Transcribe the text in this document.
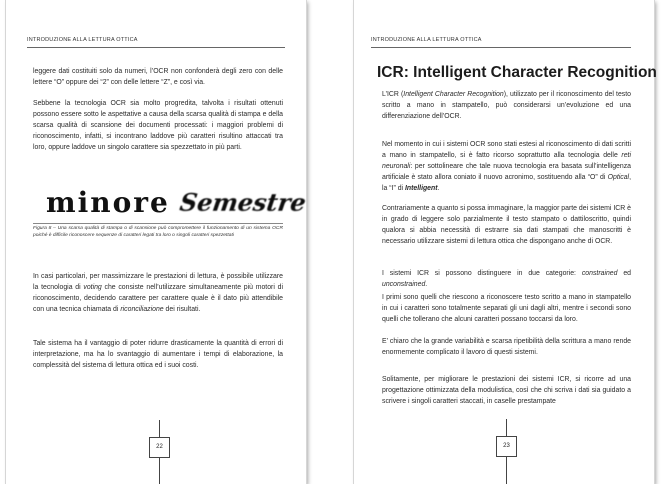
INTRODUZIONE ALLA LETTURA OTTICA

leggere dati costituiti solo da numeri, l’OCR non confonderà degli zero con delle lettere “O” oppure dei “2” con delle lettere “Z”, e così via.

Sebbene la tecnologia OCR sia molto progredita, talvolta i risultati ottenuti possono essere sotto le aspettative a causa della scarsa qualità di stampa e della scarsa qualità di scansione dei documenti processati: i maggiori problemi di riconoscimento, infatti, si incontrano laddove più caratteri risultino attaccati tra loro, oppure laddove un singolo carattere sia spezzettato in più parti.

minore Semestre
Figura 8 – Una scarsa qualità di stampa o di scansione può compromettere il funzionamento di un sistema OCR poiché è difficile riconoscere sequenze di caratteri legati tra loro o singoli caratteri spezzettati

In casi particolari, per massimizzare le prestazioni di lettura, è possibile utilizzare la tecnologia di voting che consiste nell’utilizzare simultaneamente più motori di riconoscimento, decidendo carattere per carattere quale è il dato più attendibile con una tecnica chiamata di riconciliazione dei risultati.

Tale sistema ha il vantaggio di poter ridurre drasticamente la quantità di errori di interpretazione, ma ha lo svantaggio di aumentare i tempi di elaborazione, la complessità del sistema di lettura ottica ed i suoi costi.

22
INTRODUZIONE ALLA LETTURA OTTICA
ICR: Intelligent Character Recognition

L’ICR (Intelligent Character Recognition), utilizzato per il riconoscimento del testo scritto a mano in stampatello, può considerarsi un’evoluzione ed una differenziazione dell’OCR.

Nel momento in cui i sistemi OCR sono stati estesi al riconoscimento di dati scritti a mano in stampatello, si è fatto ricorso soprattutto alla tecnologia delle reti neuronali: per sottolineare che tale nuova tecnologia era basata sull’intelligenza artificiale è stato allora coniato il nuovo acronimo, sostituendo alla “O” di Optical, la “I” di Intelligent.

Contrariamente a quanto si possa immaginare, la maggior parte dei sistemi ICR è in grado di leggere solo parzialmente il testo stampato o dattiloscritto, quindi qualora si abbia necessità di estrarre sia dati stampati che manoscritti è necessario utilizzare sistemi di lettura ottica che dispongano anche di OCR.

I sistemi ICR si possono distinguere in due categorie: constrained ed unconstrained.

I primi sono quelli che riescono a riconoscere testo scritto a mano in stampatello in cui i caratteri sono totalmente separati gli uni dagli altri, mentre i secondi sono quelli che tollerano che alcuni caratteri possano toccarsi da loro.

E’ chiaro che la grande variabilità e scarsa ripetibilità della scrittura a mano rende enormemente complicato il lavoro di questi sistemi.

Solitamente, per migliorare le prestazioni dei sistemi ICR, si ricorre ad una progettazione ottimizzata della modulistica, così che chi scriva i dati sia guidato a scrivere i singoli caratteri staccati, in caselle prestampate

23
